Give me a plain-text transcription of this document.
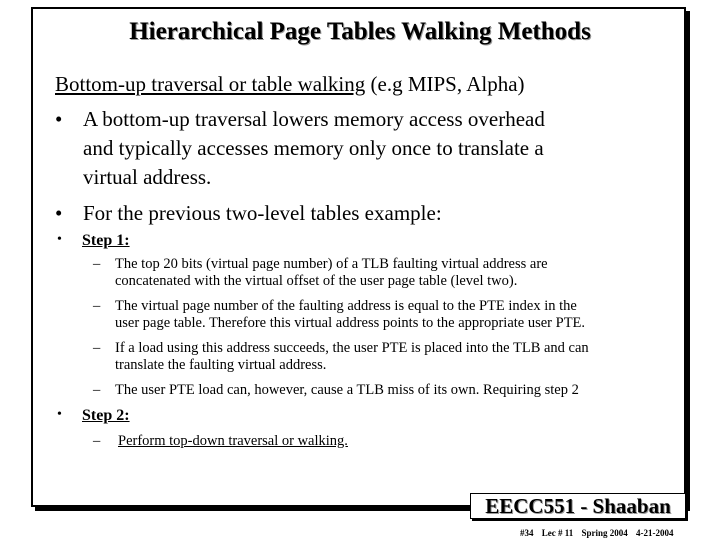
Hierarchical Page Tables Walking Methods
Bottom-up traversal or table walking (e.g MIPS, Alpha)
• A bottom-up traversal lowers memory access overhead
and typically accesses memory only once to translate a
virtual address.
• For the previous two-level tables example:
• Step 1:
– The top 20 bits (virtual page number) of a TLB faulting virtual address are
concatenated with the virtual offset of the user page table (level two).
– The virtual page number of the faulting address is equal to the PTE index in the
user page table. Therefore this virtual address points to the appropriate user PTE.
– If a load using this address succeeds, the user PTE is placed into the TLB and can
translate the faulting virtual address.
– The user PTE load can, however, cause a TLB miss of its own. Requiring step 2
• Step 2:
– Perform top-down traversal or walking.
EECC551 - Shaaban
#34 Lec # 11 Spring 2004 4-21-2004
